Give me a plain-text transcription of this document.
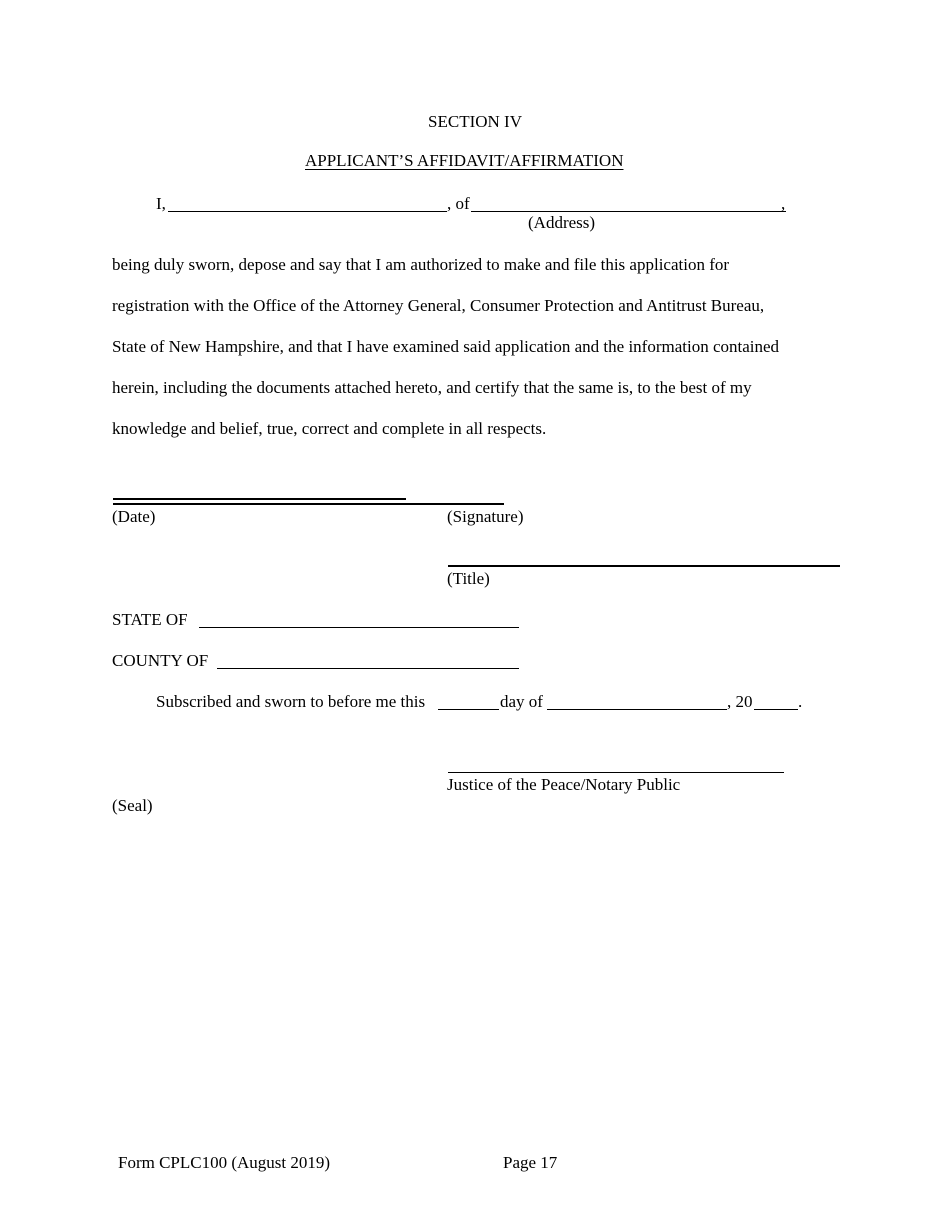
SECTION IV
APPLICANT’S AFFIDAVIT/AFFIRMATION
I,	, of	,
(Address)
being duly sworn, depose and say that I am authorized to make and file this application for
registration with the Office of the Attorney General, Consumer Protection and Antitrust Bureau,
State of New Hampshire, and that I have examined said application and the information contained
herein, including the documents attached hereto, and certify that the same is, to the best of my
knowledge and belief, true, correct and complete in all respects.
(Date)	(Signature)
(Title)
STATE OF
COUNTY OF
Subscribed and sworn to before me this	day of	, 20	.
Justice of the Peace/Notary Public
(Seal)
Form CPLC100 (August 2019)	Page 17
